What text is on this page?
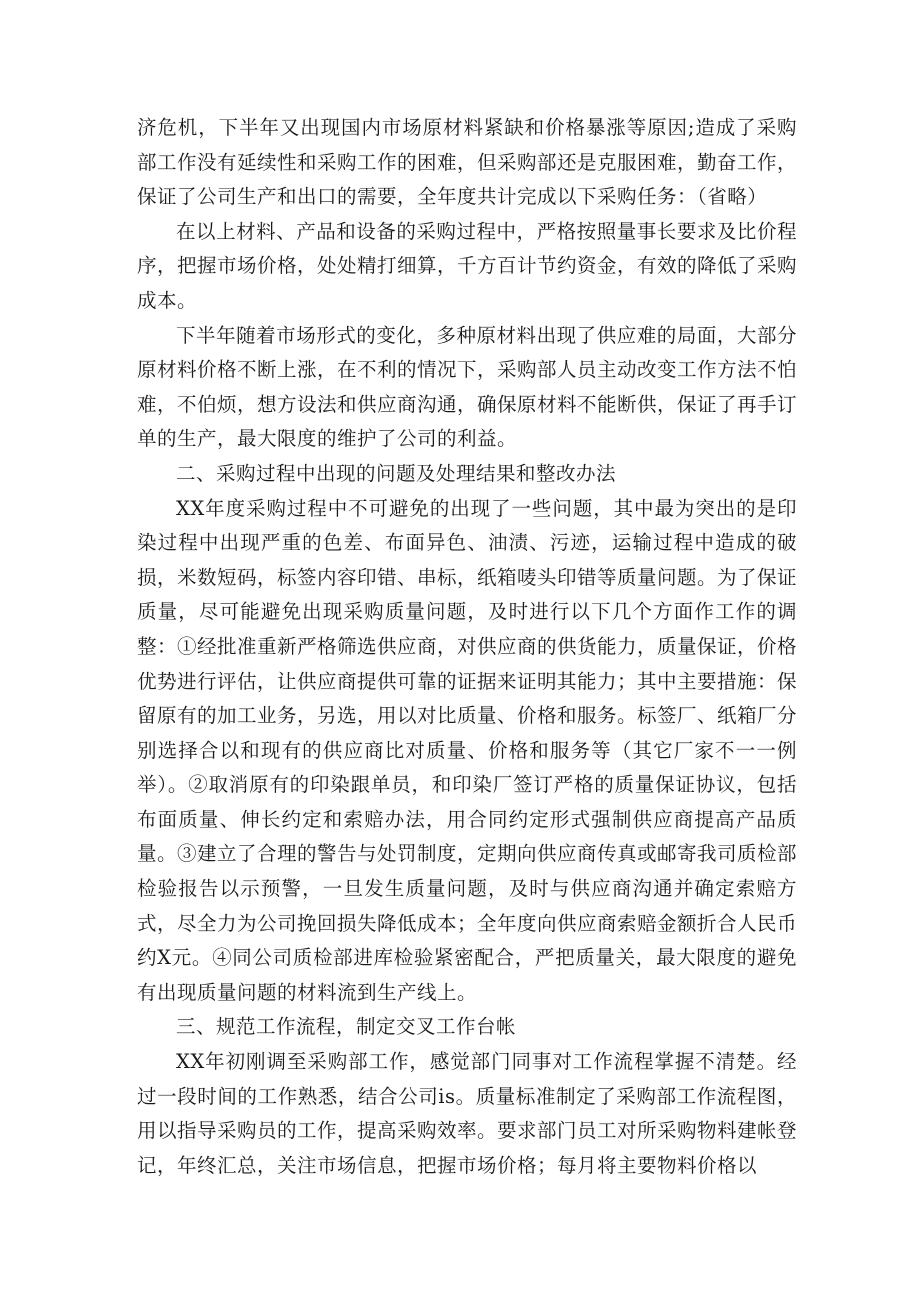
济危机，下半年又出现国内市场原材料紧缺和价格暴涨等原因;造成了采购部工作没有延续性和采购工作的困难，但采购部还是克服困难，勤奋工作，保证了公司生产和出口的需要，全年度共计完成以下采购任务：（省略）

在以上材料、产品和设备的采购过程中，严格按照量事长要求及比价程序，把握市场价格，处处精打细算，千方百计节约资金，有效的降低了采购成本。

下半年随着市场形式的变化，多种原材料出现了供应难的局面，大部分原材料价格不断上涨，在不利的情况下，采购部人员主动改变工作方法不怕难，不伯烦，想方设法和供应商沟通，确保原材料不能断供，保证了再手订单的生产，最大限度的维护了公司的利益。

二、采购过程中出现的问题及处理结果和整改办法

XX年度采购过程中不可避免的出现了一些问题，其中最为突出的是印染过程中出现严重的色差、布面异色、油渍、污迹，运输过程中造成的破损，米数短码，标签内容印错、串标，纸箱唛头印错等质量问题。为了保证质量，尽可能避免出现采购质量问题，及时进行以下几个方面作工作的调整：①经批准重新严格筛选供应商，对供应商的供货能力，质量保证，价格优势进行评估，让供应商提供可靠的证据来证明其能力；其中主要措施：保留原有的加工业务，另选，用以对比质量、价格和服务。标签厂、纸箱厂分别选择合以和现有的供应商比对质量、价格和服务等（其它厂家不一一例举）。②取消原有的印染跟单员，和印染厂签订严格的质量保证协议，包括布面质量、伸长约定和索赔办法，用合同约定形式强制供应商提高产品质量。③建立了合理的警告与处罚制度，定期向供应商传真或邮寄我司质检部检验报告以示预警，一旦发生质量问题，及时与供应商沟通并确定索赔方式，尽全力为公司挽回损失降低成本；全年度向供应商索赔金额折合人民币约X元。④同公司质检部进库检验紧密配合，严把质量关，最大限度的避免有出现质量问题的材料流到生产线上。

三、规范工作流程，制定交叉工作台帐

XX年初刚调至采购部工作，感觉部门同事对工作流程掌握不清楚。经过一段时间的工作熟悉，结合公司is。质量标准制定了采购部工作流程图，用以指导采购员的工作，提高采购效率。要求部门员工对所采购物料建帐登记，年终汇总，关注市场信息，把握市场价格；每月将主要物料价格以
